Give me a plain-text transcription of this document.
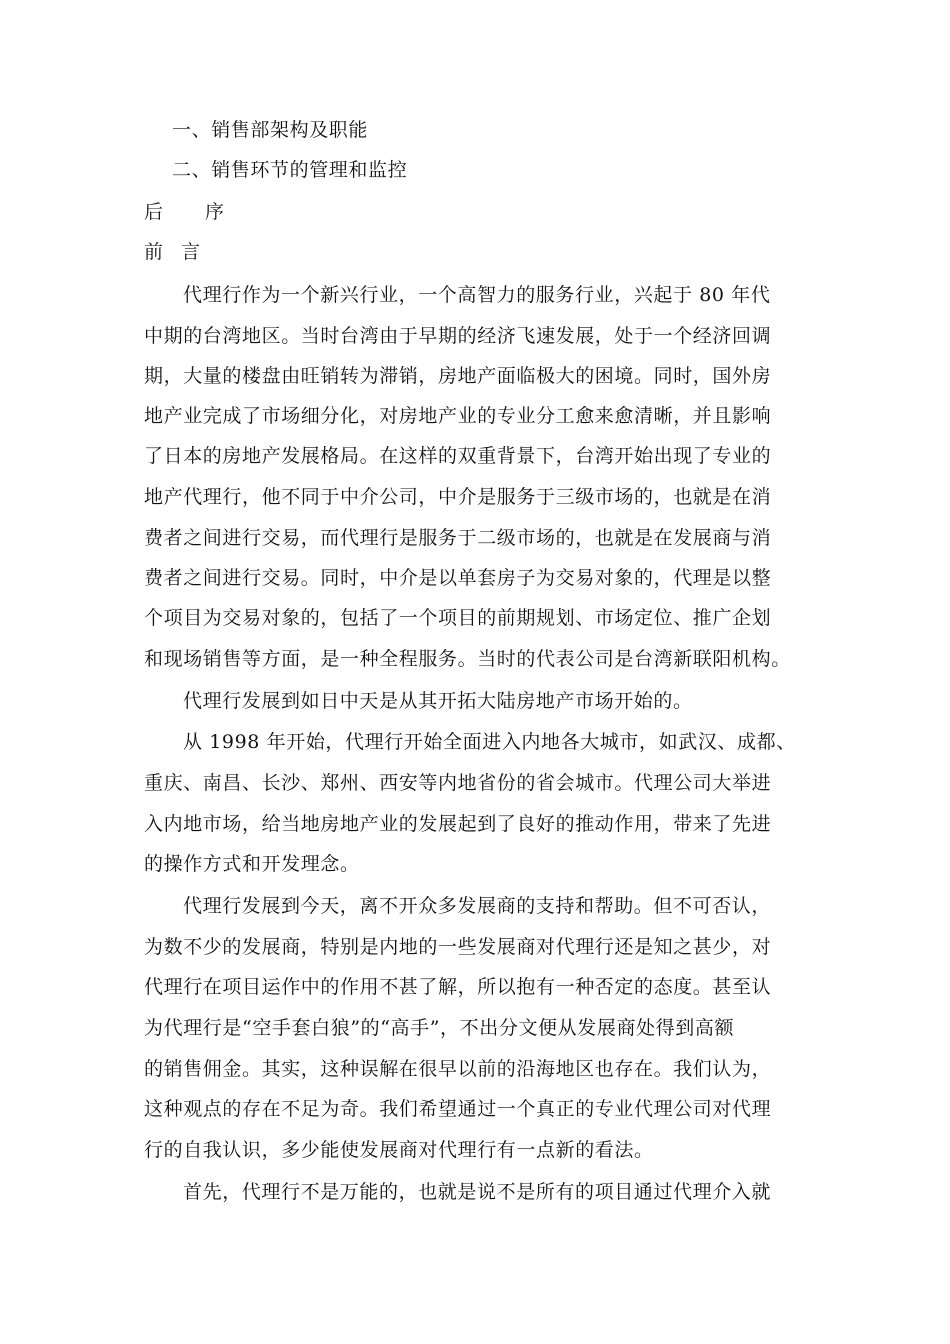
一、销售部架构及职能
二、销售环节的管理和监控
后 序
前 言
代理行作为一个新兴行业，一个高智力的服务行业，兴起于 80 年代
中期的台湾地区。当时台湾由于早期的经济飞速发展，处于一个经济回调
期，大量的楼盘由旺销转为滞销，房地产面临极大的困境。同时，国外房
地产业完成了市场细分化，对房地产业的专业分工愈来愈清晰，并且影响
了日本的房地产发展格局。在这样的双重背景下，台湾开始出现了专业的
地产代理行，他不同于中介公司，中介是服务于三级市场的，也就是在消
费者之间进行交易，而代理行是服务于二级市场的，也就是在发展商与消
费者之间进行交易。同时，中介是以单套房子为交易对象的，代理是以整
个项目为交易对象的，包括了一个项目的前期规划、市场定位、推广企划
和现场销售等方面，是一种全程服务。当时的代表公司是台湾新联阳机构。
代理行发展到如日中天是从其开拓大陆房地产市场开始的。
从 1998 年开始，代理行开始全面进入内地各大城市，如武汉、成都、
重庆、南昌、长沙、郑州、西安等内地省份的省会城市。代理公司大举进
入内地市场，给当地房地产业的发展起到了良好的推动作用，带来了先进
的操作方式和开发理念。
代理行发展到今天，离不开众多发展商的支持和帮助。但不可否认，
为数不少的发展商，特别是内地的一些发展商对代理行还是知之甚少，对
代理行在项目运作中的作用不甚了解，所以抱有一种否定的态度。甚至认
为代理行是“空手套白狼”的“高手”，不出分文便从发展商处得到高额
的销售佣金。其实，这种误解在很早以前的沿海地区也存在。我们认为，
这种观点的存在不足为奇。我们希望通过一个真正的专业代理公司对代理
行的自我认识，多少能使发展商对代理行有一点新的看法。
首先，代理行不是万能的，也就是说不是所有的项目通过代理介入就
